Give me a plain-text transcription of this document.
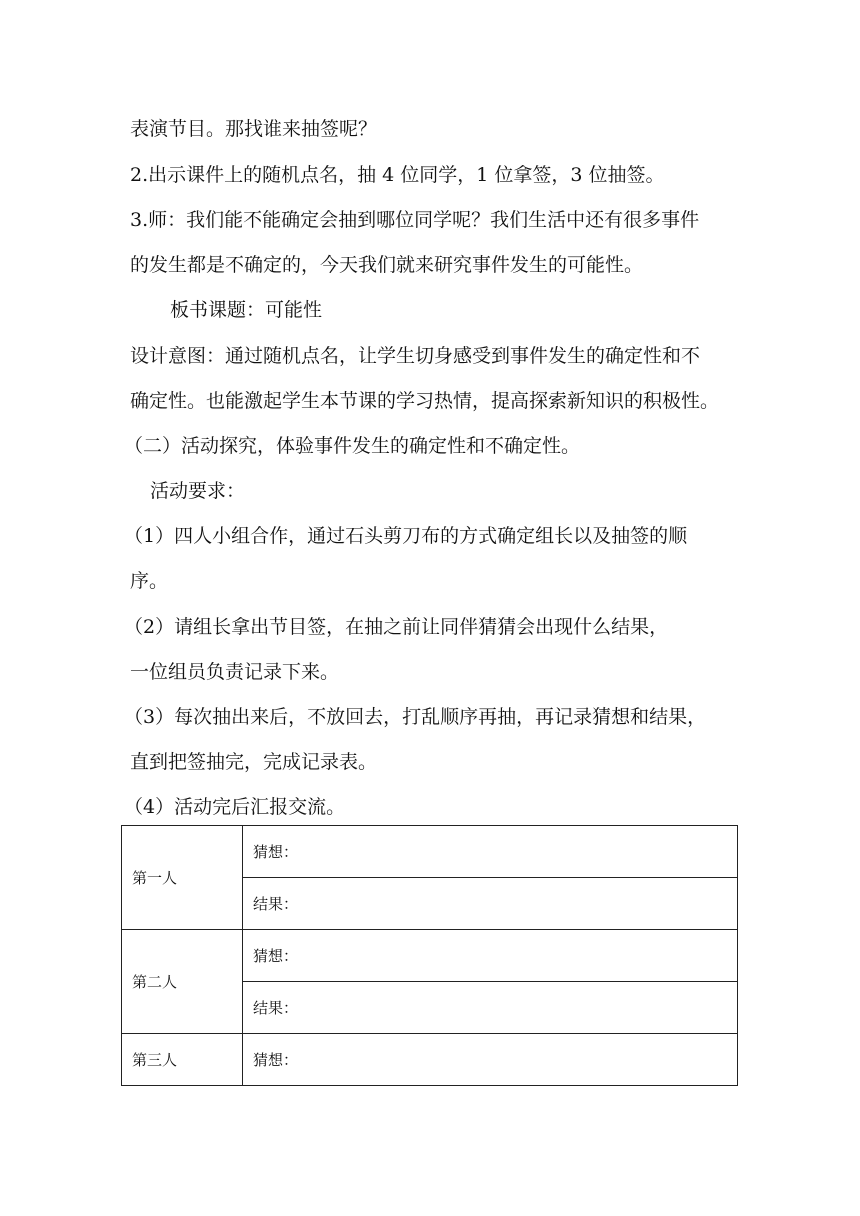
表演节目。那找谁来抽签呢？
2.出示课件上的随机点名，抽 4 位同学，1 位拿签，3 位抽签。
3.师：我们能不能确定会抽到哪位同学呢？我们生活中还有很多事件
的发生都是不确定的，今天我们就来研究事件发生的可能性。
板书课题：可能性
设计意图：通过随机点名，让学生切身感受到事件发生的确定性和不
确定性。也能激起学生本节课的学习热情，提高探索新知识的积极性。
（二）活动探究，体验事件发生的确定性和不确定性。
活动要求：
（1）四人小组合作，通过石头剪刀布的方式确定组长以及抽签的顺
序。
（2）请组长拿出节目签，在抽之前让同伴猜猜会出现什么结果，
一位组员负责记录下来。
（3）每次抽出来后，不放回去，打乱顺序再抽，再记录猜想和结果，
直到把签抽完，完成记录表。
（4）活动完后汇报交流。
第一人	猜想：
	结果：
第二人	猜想：
	结果：
第三人	猜想：
